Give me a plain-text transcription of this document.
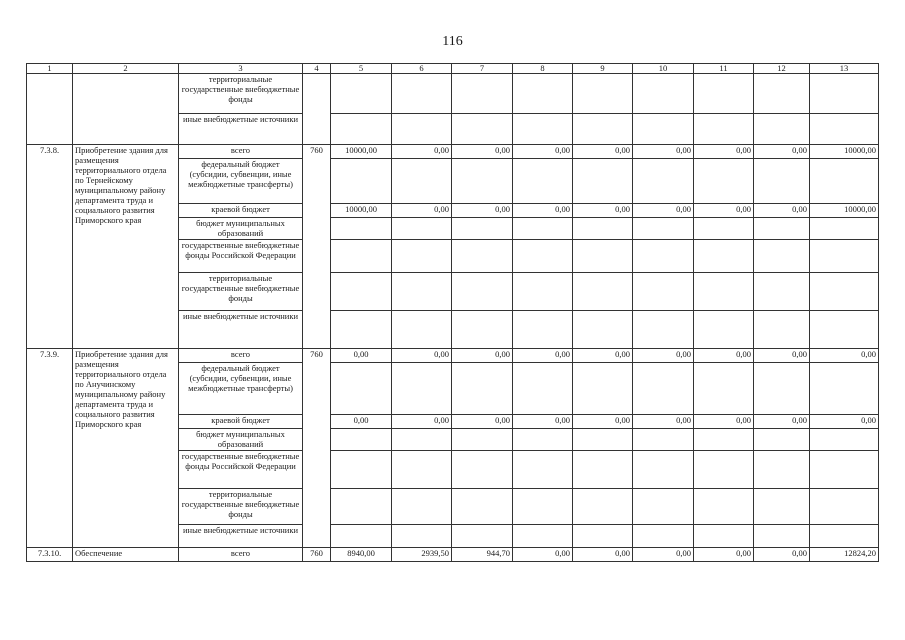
116
1	2	3	4	5	6	7	8	9	10	11	12	13
		территориальные государственные внебюджетные фонды										
		иные внебюджетные источники										
7.3.8.	Приобретение здания для размещения территориального отдела по Тернейскому муниципальному району департамента труда и социального развития Приморского края	всего	760	10000,00	0,00	0,00	0,00	0,00	0,00	0,00	0,00	10000,00
		федеральный бюджет (субсидии, субвенции, иные межбюджетные трансферты)										
		краевой бюджет		10000,00	0,00	0,00	0,00	0,00	0,00	0,00	0,00	10000,00
		бюджет муниципальных образований										
		государственные внебюджетные фонды Российской Федерации										
		территориальные государственные внебюджетные фонды										
		иные внебюджетные источники										
7.3.9.	Приобретение здания для размещения территориального отдела по Анучинскому муниципальному району департамента труда и социального развития Приморского края	всего	760	0,00	0,00	0,00	0,00	0,00	0,00	0,00	0,00	0,00
		федеральный бюджет (субсидии, субвенции, иные межбюджетные трансферты)										
		краевой бюджет		0,00	0,00	0,00	0,00	0,00	0,00	0,00	0,00	0,00
		бюджет муниципальных образований										
		государственные внебюджетные фонды Российской Федерации										
		территориальные государственные внебюджетные фонды										
		иные внебюджетные источники										
7.3.10.	Обеспечение	всего	760	8940,00	2939,50	944,70	0,00	0,00	0,00	0,00	0,00	12824,20
